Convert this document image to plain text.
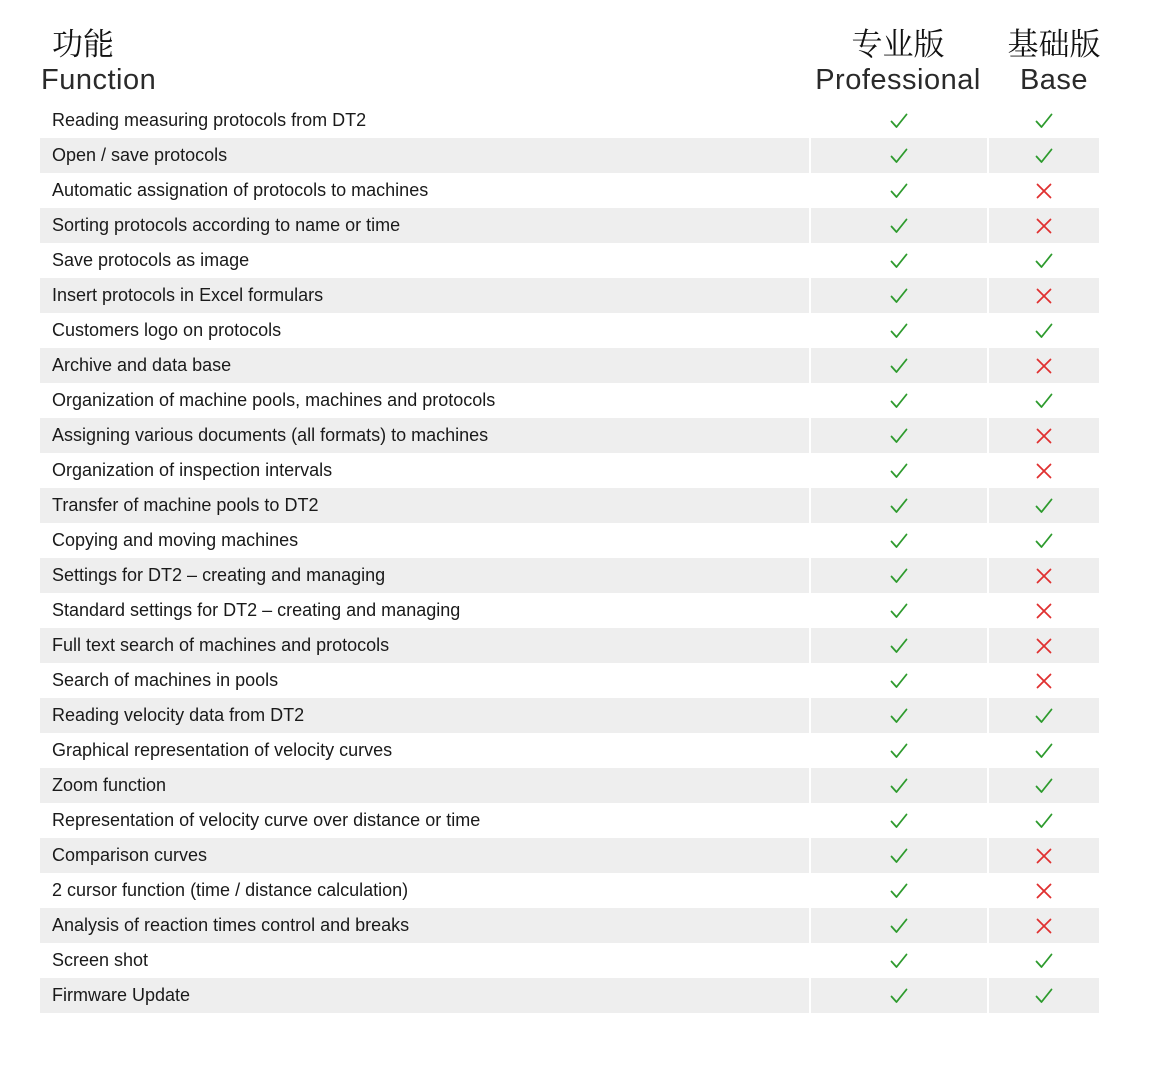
功能
Function
专业版
Professional
基础版
Base
Reading measuring protocols from DT2
Open / save protocols
Automatic assignation of protocols to machines
Sorting protocols according to name or time
Save protocols as image
Insert protocols in Excel formulars
Customers logo on protocols
Archive and data base
Organization of machine pools, machines and protocols
Assigning various documents (all formats) to machines
Organization of inspection intervals
Transfer of machine pools to DT2
Copying and moving machines
Settings for DT2 – creating and managing
Standard settings for DT2 – creating and managing
Full text search of machines and protocols
Search of machines in pools
Reading velocity data from DT2
Graphical representation of velocity curves
Zoom function
Representation of velocity curve over distance or time
Comparison curves
2 cursor function (time / distance calculation)
Analysis of reaction times control and breaks
Screen shot
Firmware Update
